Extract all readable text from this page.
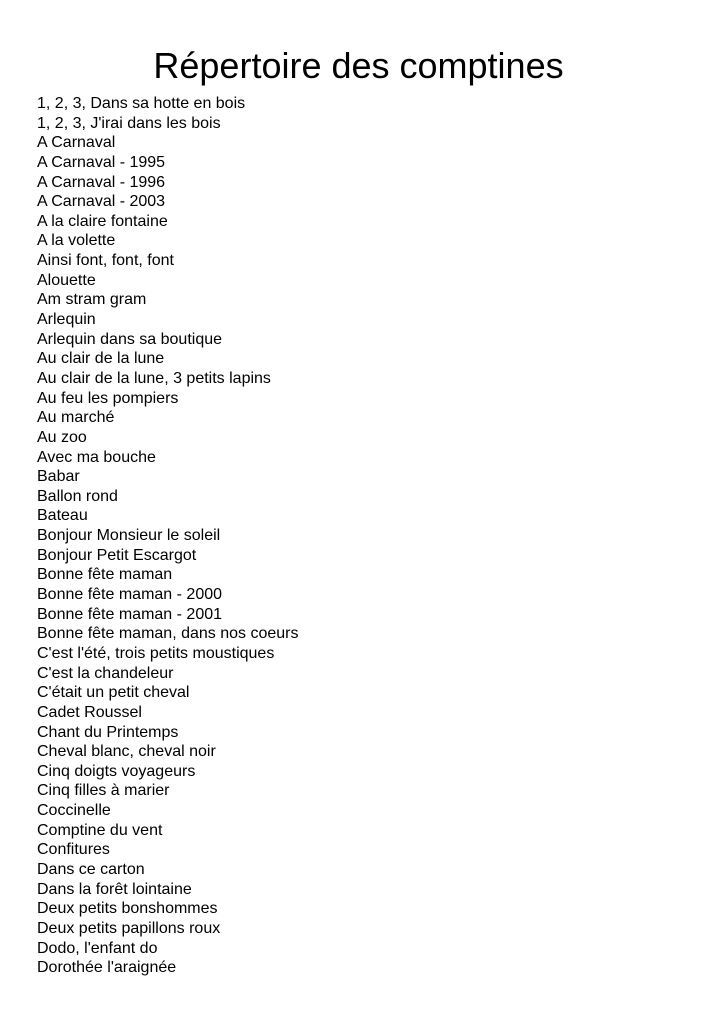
Répertoire des comptines
1, 2, 3, Dans sa hotte en bois
1, 2, 3, J'irai dans les bois
A Carnaval
A Carnaval - 1995
A Carnaval - 1996
A Carnaval - 2003
A la claire fontaine
A la volette
Ainsi font, font, font
Alouette
Am stram gram
Arlequin
Arlequin dans sa boutique
Au clair de la lune
Au clair de la lune, 3 petits lapins
Au feu les pompiers
Au marché
Au zoo
Avec ma bouche
Babar
Ballon rond
Bateau
Bonjour Monsieur le soleil
Bonjour Petit Escargot
Bonne fête maman
Bonne fête maman - 2000
Bonne fête maman - 2001
Bonne fête maman, dans nos coeurs
C'est l'été, trois petits moustiques
C'est la chandeleur
C'était un petit cheval
Cadet Roussel
Chant du Printemps
Cheval blanc, cheval noir
Cinq doigts voyageurs
Cinq filles à marier
Coccinelle
Comptine du vent
Confitures
Dans ce carton
Dans la forêt lointaine
Deux petits bonshommes
Deux petits papillons roux
Dodo, l'enfant do
Dorothée l'araignée
